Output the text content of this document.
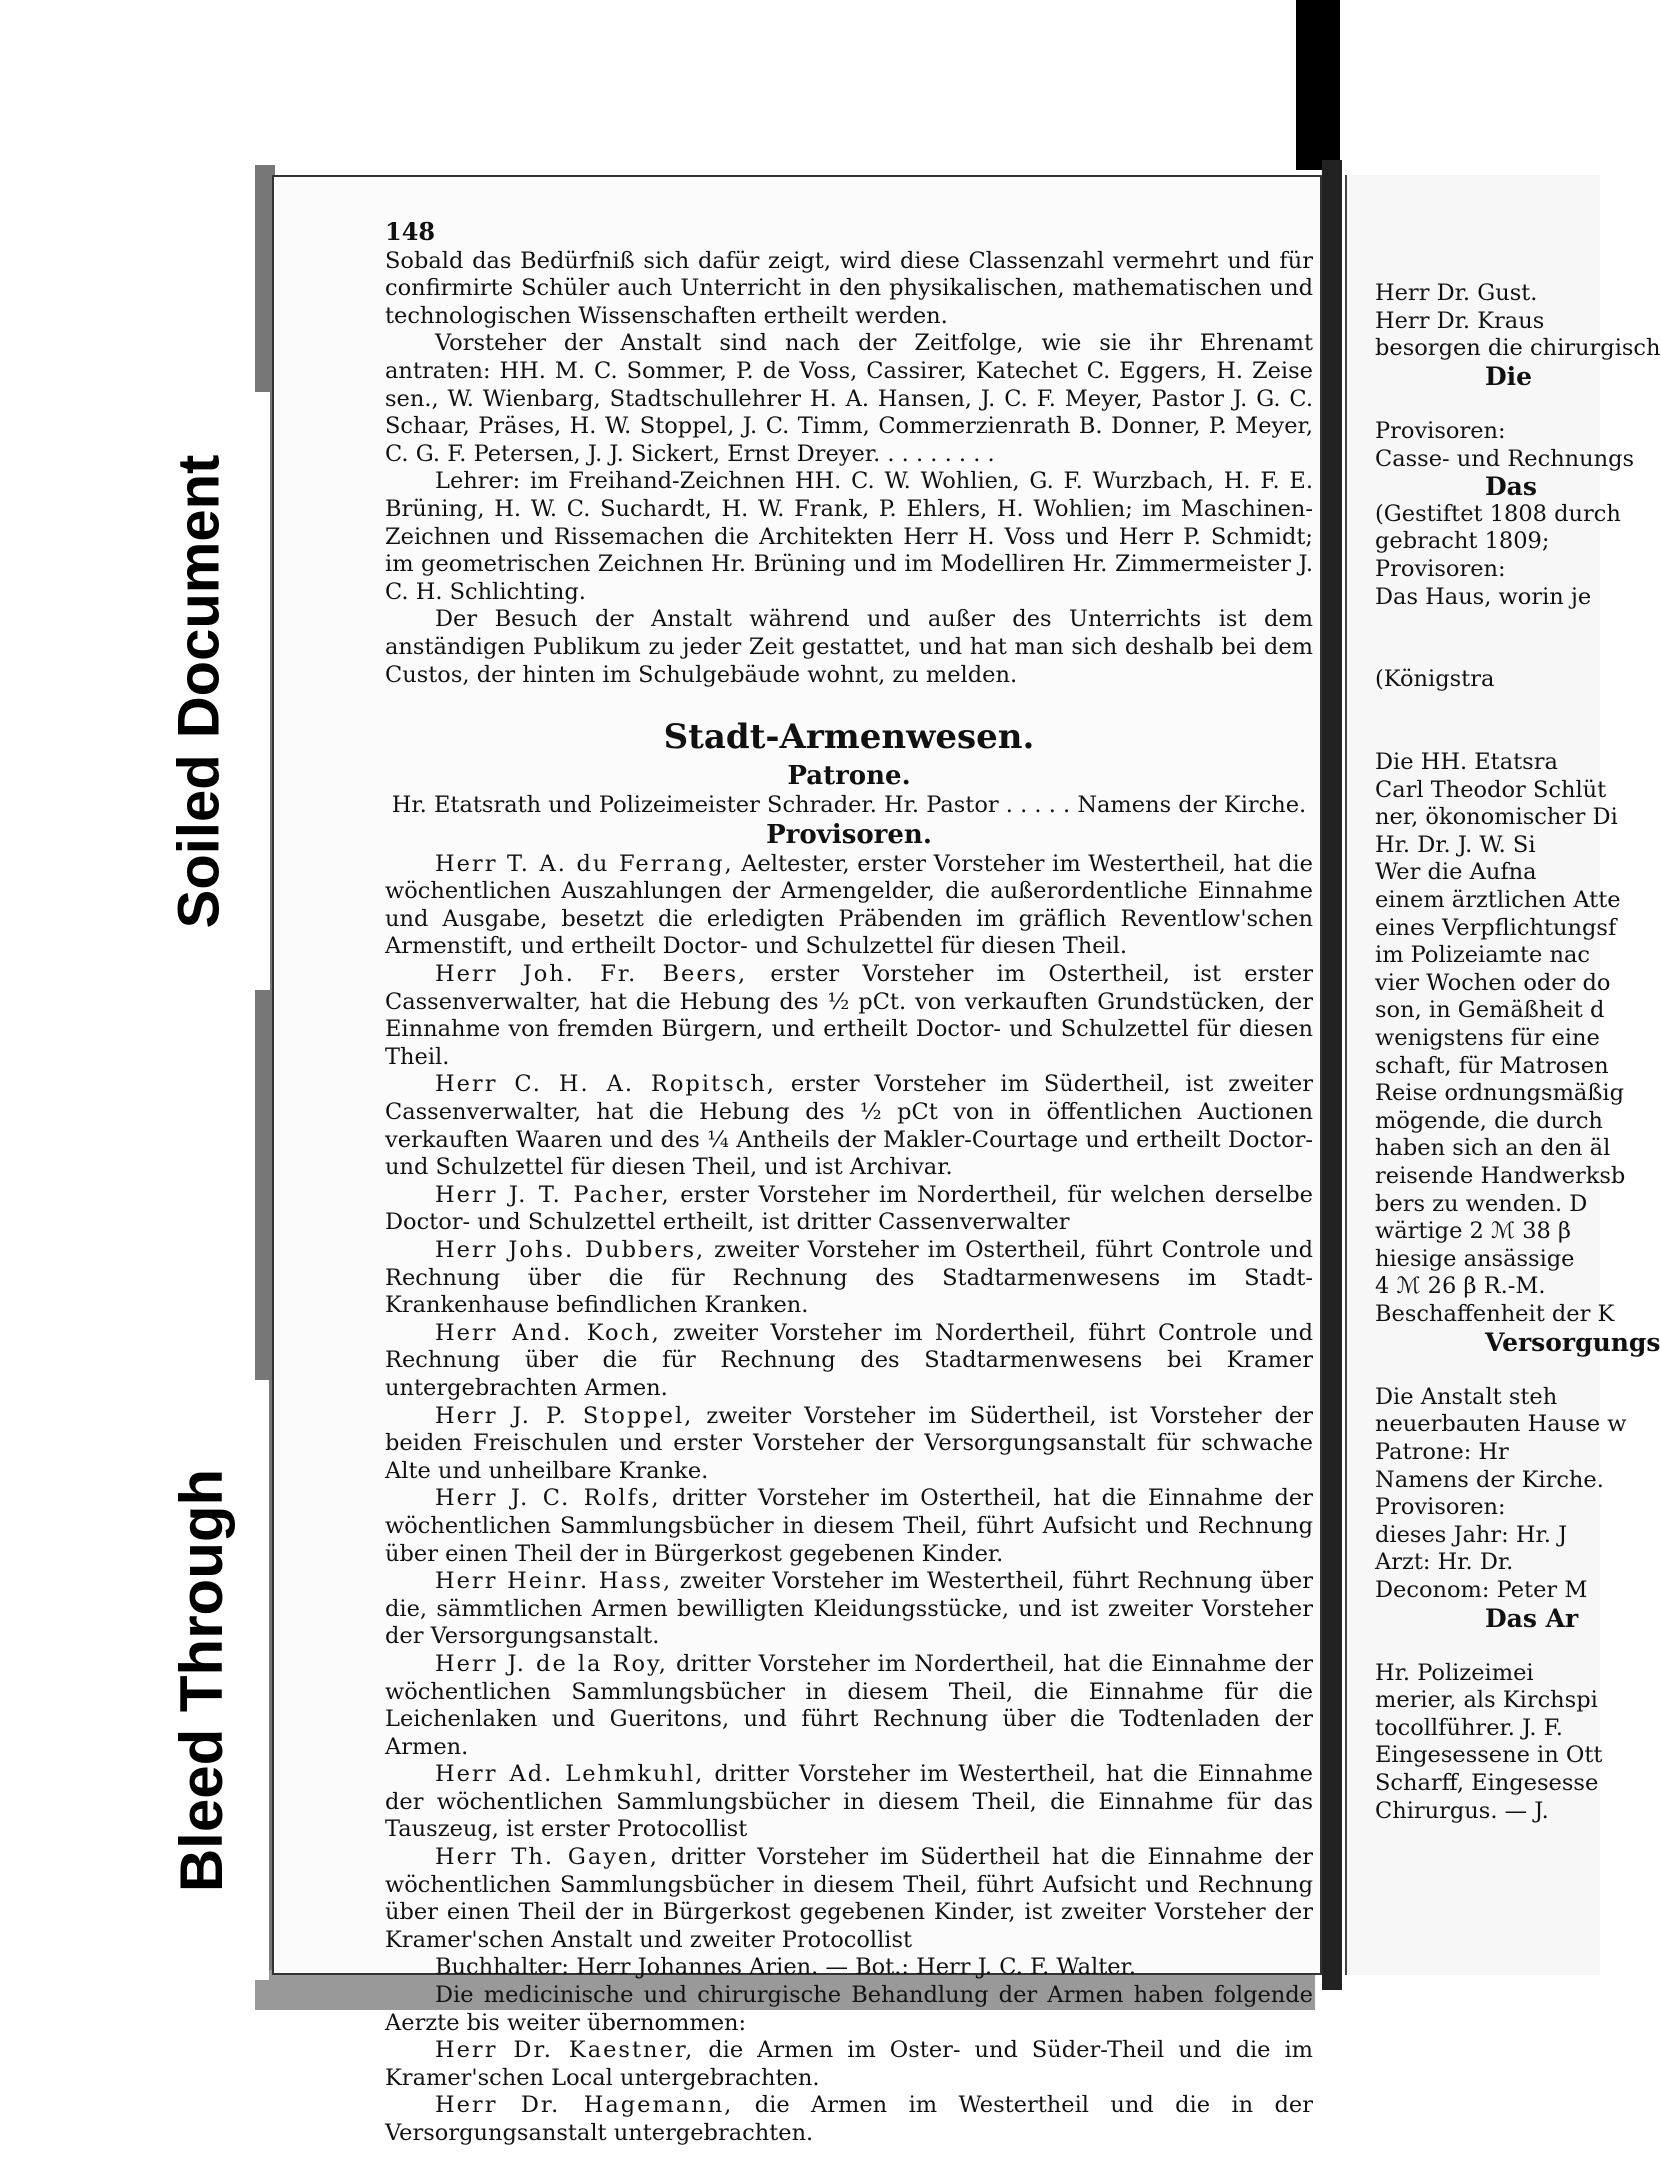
Soiled Document
Bleed Through

148

Sobald das Bedürfniß sich dafür zeigt, wird diese Classenzahl vermehrt und für confirmirte Schüler auch Unterricht in den physikalischen, mathematischen und technologischen Wissenschaften ertheilt werden.

Vorsteher der Anstalt sind nach der Zeitfolge, wie sie ihr Ehrenamt antraten: HH. M. C. Sommer, P. de Voss, Cassirer, Katechet C. Eggers, H. Zeise sen., W. Wienbarg, Stadtschullehrer H. A. Hansen, J. C. F. Meyer, Pastor J. G. C. Schaar, Präses, H. W. Stoppel, J. C. Timm, Commerzienrath B. Donner, P. Meyer, C. G. F. Petersen, J. J. Sickert, Ernst Dreyer. . . . . . . . .

Lehrer: im Freihand-Zeichnen HH. C. W. Wohlien, G. F. Wurzbach, H. F. E. Brüning, H. W. C. Suchardt, H. W. Frank, P. Ehlers, H. Wohlien; im Maschinen-Zeichnen und Rissemachen die Architekten Herr H. Voss und Herr P. Schmidt; im geometrischen Zeichnen Hr. Brüning und im Modelliren Hr. Zimmermeister J. C. H. Schlichting.

Der Besuch der Anstalt während und außer des Unterrichts ist dem anständigen Publikum zu jeder Zeit gestattet, und hat man sich deshalb bei dem Custos, der hinten im Schulgebäude wohnt, zu melden.

Stadt-Armenwesen.

Patrone.

Hr. Etatsrath und Polizeimeister Schrader. Hr. Pastor . . . . . Namens der Kirche.

Provisoren.

Herr T. A. du Ferrang, Aeltester, erster Vorsteher im Westertheil, hat die wöchentlichen Auszahlungen der Armengelder, die außerordentliche Einnahme und Ausgabe, besetzt die erledigten Präbenden im gräflich Reventlow'schen Armenstift, und ertheilt Doctor- und Schulzettel für diesen Theil.

Herr Joh. Fr. Beers, erster Vorsteher im Ostertheil, ist erster Cassenverwalter, hat die Hebung des ½ pCt. von verkauften Grundstücken, der Einnahme von fremden Bürgern, und ertheilt Doctor- und Schulzettel für diesen Theil.

Herr C. H. A. Ropitsch, erster Vorsteher im Südertheil, ist zweiter Cassenverwalter, hat die Hebung des ½ pCt von in öffentlichen Auctionen verkauften Waaren und des ¼ Antheils der Makler-Courtage und ertheilt Doctor- und Schulzettel für diesen Theil, und ist Archivar.

Herr J. T. Pacher, erster Vorsteher im Nordertheil, für welchen derselbe Doctor- und Schulzettel ertheilt, ist dritter Cassenverwalter

Herr Johs. Dubbers, zweiter Vorsteher im Ostertheil, führt Controle und Rechnung über die für Rechnung des Stadtarmenwesens im Stadt-Krankenhause befindlichen Kranken.

Herr And. Koch, zweiter Vorsteher im Nordertheil, führt Controle und Rechnung über die für Rechnung des Stadtarmenwesens bei Kramer untergebrachten Armen.

Herr J. P. Stoppel, zweiter Vorsteher im Südertheil, ist Vorsteher der beiden Freischulen und erster Vorsteher der Versorgungsanstalt für schwache Alte und unheilbare Kranke.

Herr J. C. Rolfs, dritter Vorsteher im Ostertheil, hat die Einnahme der wöchentlichen Sammlungsbücher in diesem Theil, führt Aufsicht und Rechnung über einen Theil der in Bürgerkost gegebenen Kinder.

Herr Heinr. Hass, zweiter Vorsteher im Westertheil, führt Rechnung über die, sämmtlichen Armen bewilligten Kleidungsstücke, und ist zweiter Vorsteher der Versorgungsanstalt.

Herr J. de la Roy, dritter Vorsteher im Nordertheil, hat die Einnahme der wöchentlichen Sammlungsbücher in diesem Theil, die Einnahme für die Leichenlaken und Gueritons, und führt Rechnung über die Todtenladen der Armen.

Herr Ad. Lehmkuhl, dritter Vorsteher im Westertheil, hat die Einnahme der wöchentlichen Sammlungsbücher in diesem Theil, die Einnahme für das Tauszeug, ist erster Protocollist

Herr Th. Gayen, dritter Vorsteher im Südertheil hat die Einnahme der wöchentlichen Sammlungsbücher in diesem Theil, führt Aufsicht und Rechnung über einen Theil der in Bürgerkost gegebenen Kinder, ist zweiter Vorsteher der Kramer'schen Anstalt und zweiter Protocollist

Buchhalter: Herr Johannes Arien. — Bot.: Herr J. C. F. Walter.

Die medicinische und chirurgische Behandlung der Armen haben folgende Aerzte bis weiter übernommen:

Herr Dr. Kaestner, die Armen im Oster- und Süder-Theil und die im Kramer'schen Local untergebrachten.

Herr Dr. Hagemann, die Armen im Westertheil und die in der Versorgungsanstalt untergebrachten.

Herr Dr. Gust.
Herr Dr. Kraus
besorgen die chirurgisch
Die
Provisoren:
Casse- und Rechnungs
Das
(Gestiftet 1808 durch
gebracht 1809;
Provisoren:
Das Haus, worin je
(Königstra
Die HH. Etatsra
Carl Theodor Schlüt
ner, ökonomischer Di
Hr. Dr. J. W. Si
Wer die Aufna
einem ärztlichen Atte
eines Verpflichtungsf
im Polizeiamte nac
vier Wochen oder do
son, in Gemäßheit d
wenigstens für eine
schaft, für Matrosen
Reise ordnungsmäßig
mögende, die durch
haben sich an den äl
reisende Handwerksb
bers zu wenden. D
wärtige 2 ℳ 38 β
hiesige ansässige
4 ℳ 26 β R.-M.
Beschaffenheit der K
Versorgungs
Die Anstalt steh
neuerbauten Hause w
Patrone: Hr
Namens der Kirche.
Provisoren:
dieses Jahr: Hr. J
Arzt: Hr. Dr.
Deconom: Peter M
Das Ar
Hr. Polizeimei
merier, als Kirchspi
tocollführer. J. F.
Eingesessene in Ott
Scharff, Eingesesse
Chirurgus. — J.
